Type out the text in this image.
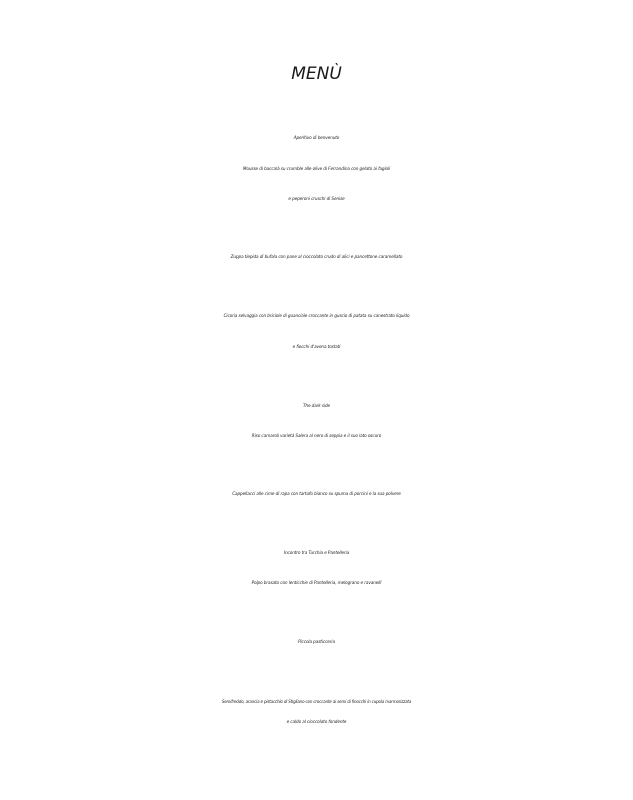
MENÙ
Aperitivo di benvenuto
Mousse di baccalà su crumble alle olive di Ferrandina con gelato ai fagioli
e peperoni cruschi di Senise
Zuppa tiepida di bufala con pane al cioccolato crudo di alici e pancettone caramellato
Cicoria selvaggia con briciole di guanciale croccante in guscio di patata su canestrato liquido
e fiocchi d'avena tostati
The dark side
Riso carnaroli varietà Salera al nero di seppia e il suo lato oscuro
Cappellacci alle cime di rapa con tartufo bianco su spuma di porcini e la sua polvere
Incontro tra Turchia e Pantelleria
Polpo brasato con lenticchie di Pantelleria, melograno e ravanelli
Piccola pasticceria
Semifreddo, arancia e pistacchio di Stigliano con croccante ai semi di finocchi in cupola marmorizzata
e caldo al cioccolato fondente
